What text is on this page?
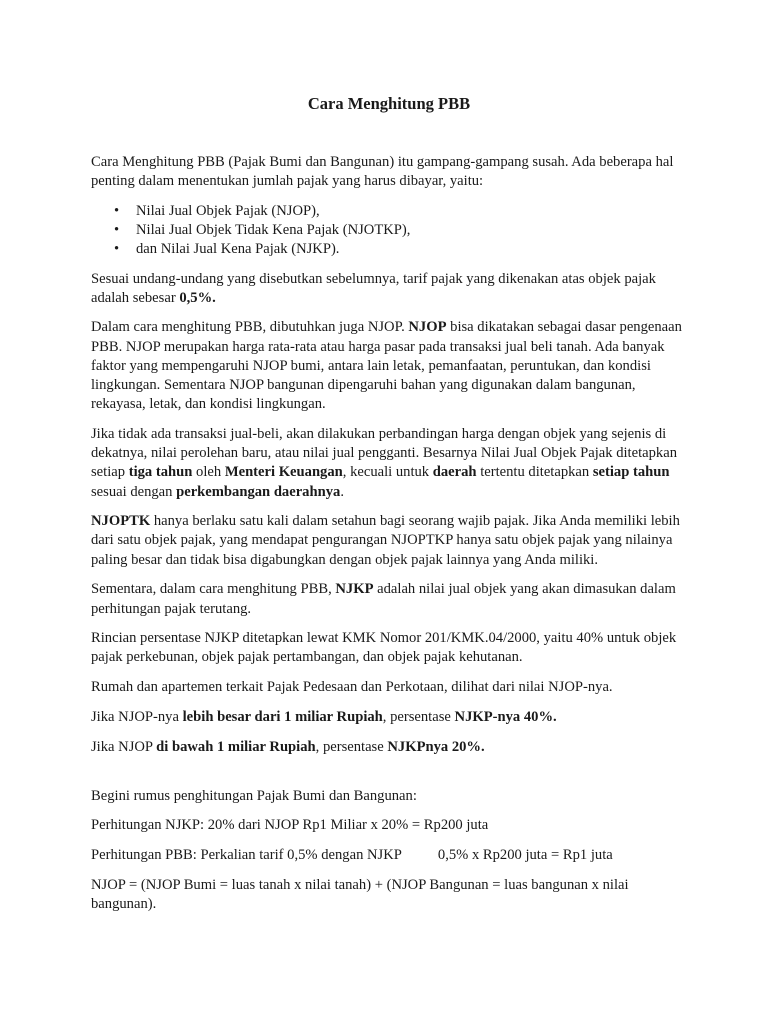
Cara Menghitung PBB

Cara Menghitung PBB (Pajak Bumi dan Bangunan) itu gampang-gampang susah. Ada beberapa hal penting dalam menentukan jumlah pajak yang harus dibayar, yaitu:

• Nilai Jual Objek Pajak (NJOP),
• Nilai Jual Objek Tidak Kena Pajak (NJOTKP),
• dan Nilai Jual Kena Pajak (NJKP).

Sesuai undang-undang yang disebutkan sebelumnya, tarif pajak yang dikenakan atas objek pajak adalah sebesar 0,5%.

Dalam cara menghitung PBB, dibutuhkan juga NJOP. NJOP bisa dikatakan sebagai dasar pengenaan PBB. NJOP merupakan harga rata-rata atau harga pasar pada transaksi jual beli tanah. Ada banyak faktor yang mempengaruhi NJOP bumi, antara lain letak, pemanfaatan, peruntukan, dan kondisi lingkungan. Sementara NJOP bangunan dipengaruhi bahan yang digunakan dalam bangunan, rekayasa, letak, dan kondisi lingkungan.

Jika tidak ada transaksi jual-beli, akan dilakukan perbandingan harga dengan objek yang sejenis di dekatnya, nilai perolehan baru, atau nilai jual pengganti. Besarnya Nilai Jual Objek Pajak ditetapkan setiap tiga tahun oleh Menteri Keuangan, kecuali untuk daerah tertentu ditetapkan setiap tahun sesuai dengan perkembangan daerahnya.

NJOPTK hanya berlaku satu kali dalam setahun bagi seorang wajib pajak. Jika Anda memiliki lebih dari satu objek pajak, yang mendapat pengurangan NJOPTKP hanya satu objek pajak yang nilainya paling besar dan tidak bisa digabungkan dengan objek pajak lainnya yang Anda miliki.

Sementara, dalam cara menghitung PBB, NJKP adalah nilai jual objek yang akan dimasukan dalam perhitungan pajak terutang.

Rincian persentase NJKP ditetapkan lewat KMK Nomor 201/KMK.04/2000, yaitu 40% untuk objek pajak perkebunan, objek pajak pertambangan, dan objek pajak kehutanan.

Rumah dan apartemen terkait Pajak Pedesaan dan Perkotaan, dilihat dari nilai NJOP-nya.

Jika NJOP-nya lebih besar dari 1 miliar Rupiah, persentase NJKP-nya 40%.

Jika NJOP di bawah 1 miliar Rupiah, persentase NJKPnya 20%.

Begini rumus penghitungan Pajak Bumi dan Bangunan:

Perhitungan NJKP: 20% dari NJOP Rp1 Miliar x 20% = Rp200 juta

Perhitungan PBB: Perkalian tarif 0,5% dengan NJKP 0,5% x Rp200 juta = Rp1 juta

NJOP = (NJOP Bumi = luas tanah x nilai tanah) + (NJOP Bangunan = luas bangunan x nilai bangunan).
